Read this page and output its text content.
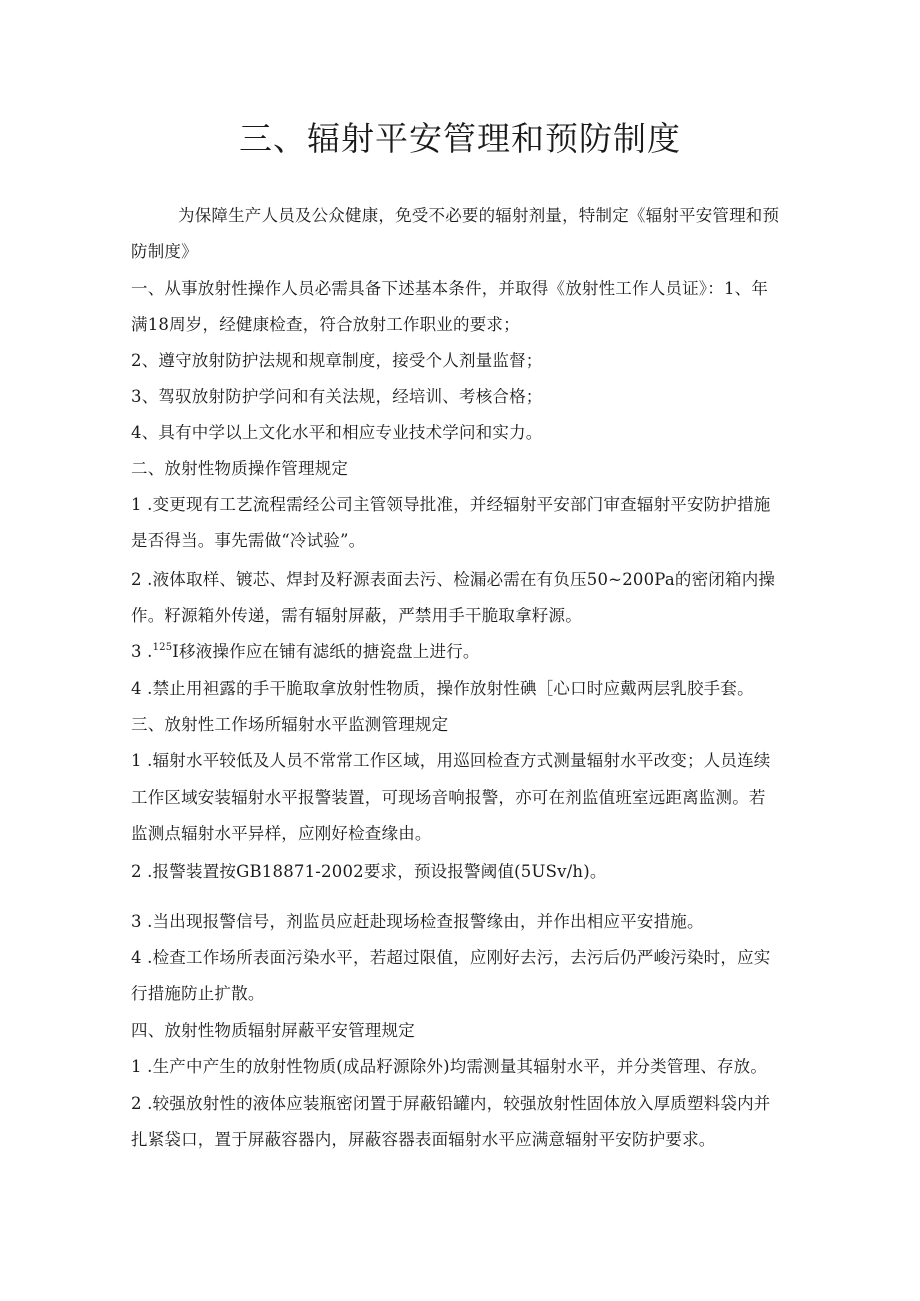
三、辐射平安管理和预防制度
为保障生产人员及公众健康，免受不必要的辐射剂量，特制定《辐射平安管理和预
防制度》
一、从事放射性操作人员必需具备下述基本条件，并取得《放射性工作人员证》：1、年
满18周岁，经健康检查，符合放射工作职业的要求；
2、遵守放射防护法规和规章制度，接受个人剂量监督；
3、驾驭放射防护学问和有关法规，经培训、考核合格；
4、具有中学以上文化水平和相应专业技术学问和实力。
二、放射性物质操作管理规定
1 .变更现有工艺流程需经公司主管领导批准，并经辐射平安部门审查辐射平安防护措施
是否得当。事先需做“冷试验”。
2 .液体取样、镀芯、焊封及籽源表面去污、检漏必需在有负压50~200Pa的密闭箱内操
作。籽源箱外传递，需有辐射屏蔽，严禁用手干脆取拿籽源。
3 .$^{125}$I移液操作应在铺有滤纸的搪瓷盘上进行。
4 .禁止用袒露的手干脆取拿放射性物质，操作放射性碘［心口时应戴两层乳胶手套。
三、放射性工作场所辐射水平监测管理规定
1 .辐射水平较低及人员不常常工作区域，用巡回检查方式测量辐射水平改变；人员连续
工作区域安装辐射水平报警装置，可现场音响报警，亦可在剂监值班室远距离监测。若
监测点辐射水平异样，应刚好检查缘由。
2 .报警装置按GB18871-2002要求，预设报警阈值(5USv/h)。
3 .当出现报警信号，剂监员应赶赴现场检查报警缘由，并作出相应平安措施。
4 .检查工作场所表面污染水平，若超过限值，应刚好去污，去污后仍严峻污染时，应实
行措施防止扩散。
四、放射性物质辐射屏蔽平安管理规定
1 .生产中产生的放射性物质(成品籽源除外)均需测量其辐射水平，并分类管理、存放。
2 .较强放射性的液体应装瓶密闭置于屏蔽铅罐内，较强放射性固体放入厚质塑料袋内并
扎紧袋口，置于屏蔽容器内，屏蔽容器表面辐射水平应满意辐射平安防护要求。
